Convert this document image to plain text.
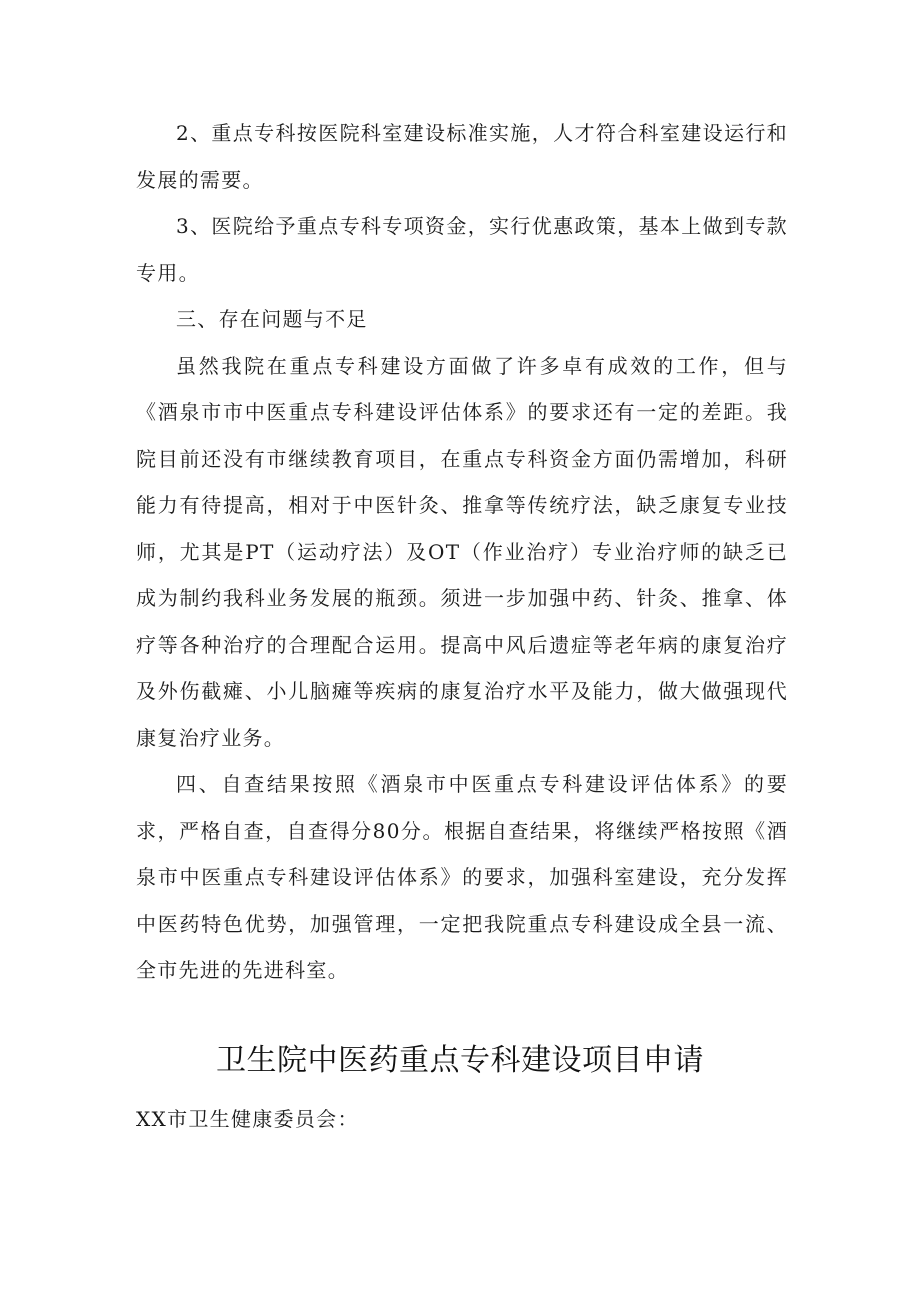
2、重点专科按医院科室建设标准实施，人才符合科室建设运行和发展的需要。

3、医院给予重点专科专项资金，实行优惠政策，基本上做到专款专用。

三、存在问题与不足

虽然我院在重点专科建设方面做了许多卓有成效的工作，但与《酒泉市市中医重点专科建设评估体系》的要求还有一定的差距。我院目前还没有市继续教育项目，在重点专科资金方面仍需增加，科研能力有待提高，相对于中医针灸、推拿等传统疗法，缺乏康复专业技师，尤其是PT（运动疗法）及OT（作业治疗）专业治疗师的缺乏已成为制约我科业务发展的瓶颈。须进一步加强中药、针灸、推拿、体疗等各种治疗的合理配合运用。提高中风后遗症等老年病的康复治疗及外伤截瘫、小儿脑瘫等疾病的康复治疗水平及能力，做大做强现代康复治疗业务。

四、自查结果按照《酒泉市中医重点专科建设评估体系》的要求，严格自查，自查得分80分。根据自查结果，将继续严格按照《酒泉市中医重点专科建设评估体系》的要求，加强科室建设，充分发挥中医药特色优势，加强管理，一定把我院重点专科建设成全县一流、全市先进的先进科室。

卫生院中医药重点专科建设项目申请

XX市卫生健康委员会：
